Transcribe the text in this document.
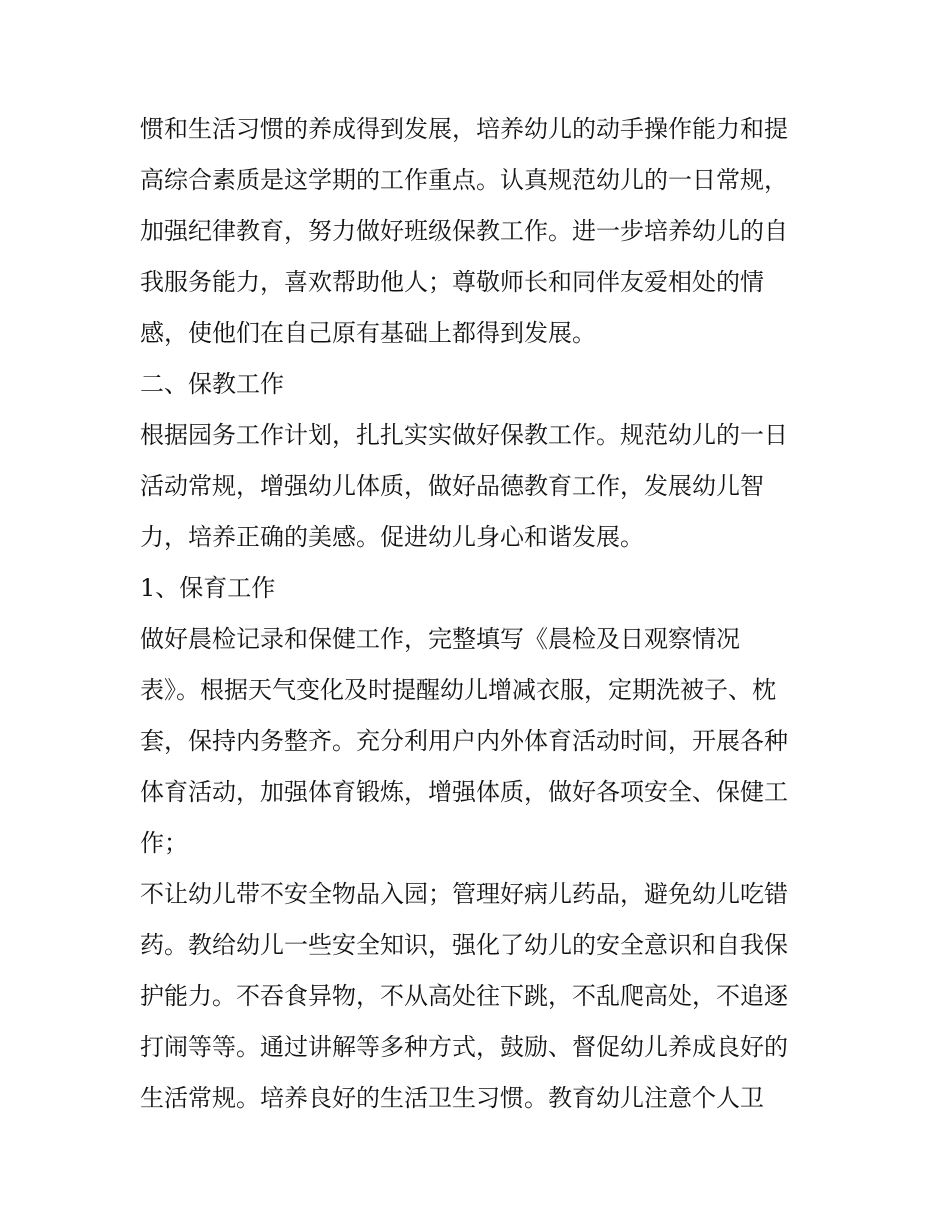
惯和生活习惯的养成得到发展，培养幼儿的动手操作能力和提
高综合素质是这学期的工作重点。认真规范幼儿的一日常规，
加强纪律教育，努力做好班级保教工作。进一步培养幼儿的自
我服务能力，喜欢帮助他人；尊敬师长和同伴友爱相处的情
感，使他们在自己原有基础上都得到发展。
二、保教工作
根据园务工作计划，扎扎实实做好保教工作。规范幼儿的一日
活动常规，增强幼儿体质，做好品德教育工作，发展幼儿智
力，培养正确的美感。促进幼儿身心和谐发展。
1、保育工作
做好晨检记录和保健工作，完整填写《晨检及日观察情况
表》。根据天气变化及时提醒幼儿增减衣服，定期洗被子、枕
套，保持内务整齐。充分利用户内外体育活动时间，开展各种
体育活动，加强体育锻炼，增强体质，做好各项安全、保健工
作；
不让幼儿带不安全物品入园；管理好病儿药品，避免幼儿吃错
药。教给幼儿一些安全知识，强化了幼儿的安全意识和自我保
护能力。不吞食异物，不从高处往下跳，不乱爬高处，不追逐
打闹等等。通过讲解等多种方式，鼓励、督促幼儿养成良好的
生活常规。培养良好的生活卫生习惯。教育幼儿注意个人卫
